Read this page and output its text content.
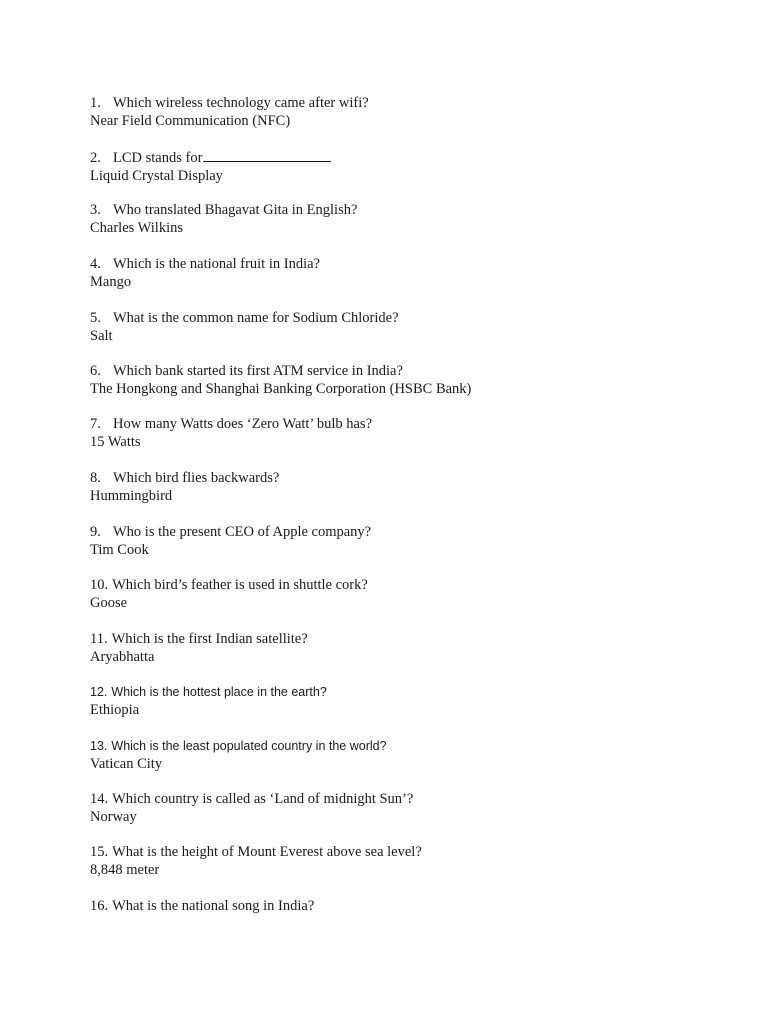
1. Which wireless technology came after wifi?
Near Field Communication (NFC)
2. LCD stands for
Liquid Crystal Display
3. Who translated Bhagavat Gita in English?
Charles Wilkins
4. Which is the national fruit in India?
Mango
5. What is the common name for Sodium Chloride?
Salt
6. Which bank started its first ATM service in India?
The Hongkong and Shanghai Banking Corporation (HSBC Bank)
7. How many Watts does ‘Zero Watt’ bulb has?
15 Watts
8. Which bird flies backwards?
Hummingbird
9. Who is the present CEO of Apple company?
Tim Cook
10. Which bird’s feather is used in shuttle cork?
Goose
11. Which is the first Indian satellite?
Aryabhatta
12. Which is the hottest place in the earth?
Ethiopia
13. Which is the least populated country in the world?
Vatican City
14. Which country is called as ‘Land of midnight Sun’?
Norway
15. What is the height of Mount Everest above sea level?
8,848 meter
16. What is the national song in India?
